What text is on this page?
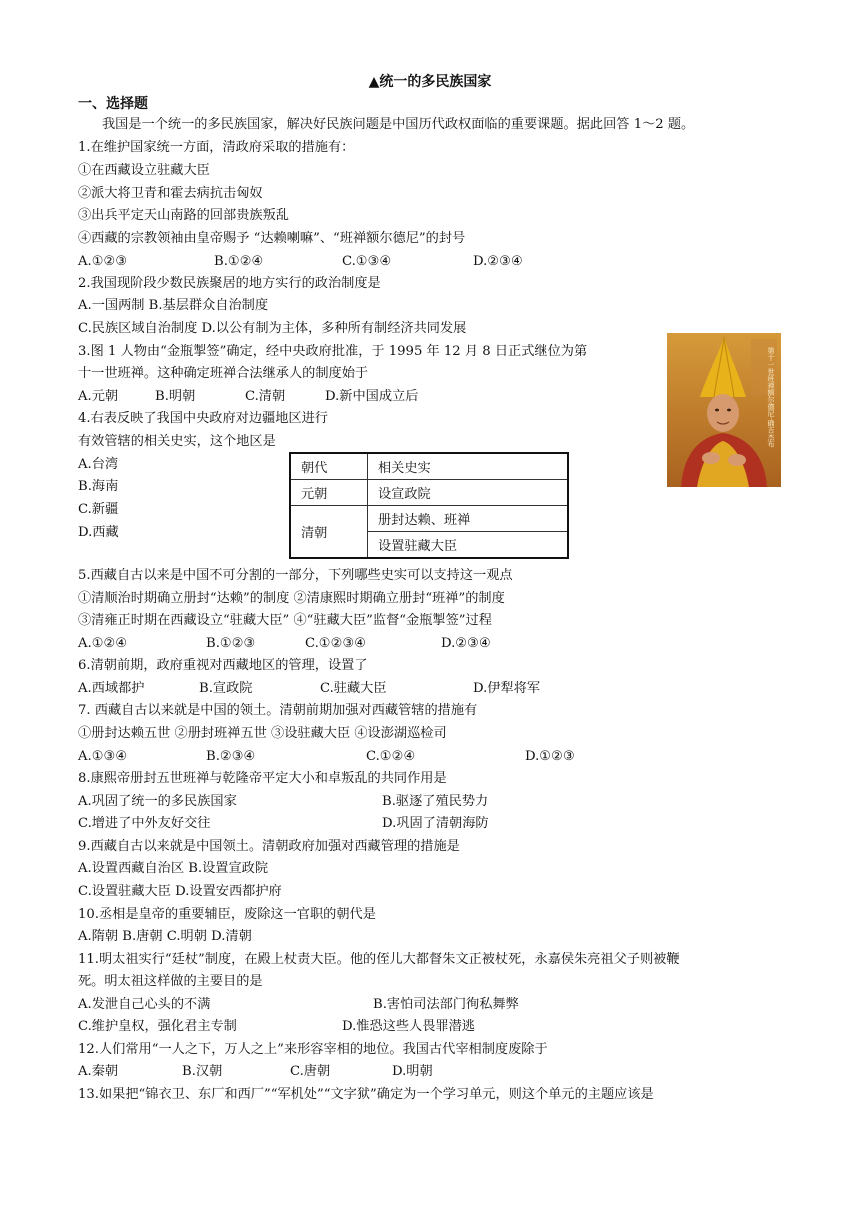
▲统一的多民族国家
一、选择题
我国是一个统一的多民族国家，解决好民族问题是中国历代政权面临的重要课题。据此回答 1～2 题。
1.在维护国家统一方面，清政府采取的措施有：
①在西藏设立驻藏大臣
②派大将卫青和霍去病抗击匈奴
③出兵平定天山南路的回部贵族叛乱
④西藏的宗教领袖由皇帝赐予 “达赖喇嘛”、“班禅额尔德尼”的封号
A.①②③	B.①②④	C.①③④	D.②③④
2.我国现阶段少数民族聚居的地方实行的政治制度是
A.一国两制 B.基层群众自治制度
C.民族区域自治制度 D.以公有制为主体，多种所有制经济共同发展
3.图 1 人物由“金瓶掣签”确定，经中央政府批准，于 1995 年 12 月 8 日正式继位为第
十一世班禅。这种确定班禅合法继承人的制度始于
A.元朝	B.明朝	C.清朝	D.新中国成立后	第十一世班禅额尔德尼·确吉杰布
4.右表反映了我国中央政府对边疆地区进行
有效管辖的相关史实，这个地区是
A.台湾
B.海南
C.新疆
D.西藏
朝代	相关史实
元朝	设宣政院
清朝	册封达赖、班禅
	设置驻藏大臣
5.西藏自古以来是中国不可分割的一部分，下列哪些史实可以支持这一观点
①清顺治时期确立册封“达赖”的制度 ②清康熙时期确立册封“班禅”的制度
③清雍正时期在西藏设立“驻藏大臣” ④“驻藏大臣”监督“金瓶掣签”过程
A.①②④	B.①②③	C.①②③④	D.②③④
6.清朝前期，政府重视对西藏地区的管理，设置了
A.西域都护	B.宣政院	C.驻藏大臣	D.伊犁将军
7. 西藏自古以来就是中国的领土。清朝前期加强对西藏管辖的措施有
①册封达赖五世 ②册封班禅五世 ③设驻藏大臣 ④设澎湖巡检司
A.①③④	B.②③④	C.①②④	D.①②③
8.康熙帝册封五世班禅与乾隆帝平定大小和卓叛乱的共同作用是
A.巩固了统一的多民族国家	B.驱逐了殖民势力
C.增进了中外友好交往	D.巩固了清朝海防
9.西藏自古以来就是中国领土。清朝政府加强对西藏管理的措施是
A.设置西藏自治区 B.设置宣政院
C.设置驻藏大臣 D.设置安西都护府
10.丞相是皇帝的重要辅臣，废除这一官职的朝代是
A.隋朝 B.唐朝 C.明朝 D.清朝
11.明太祖实行“廷杖”制度，在殿上杖责大臣。他的侄儿大都督朱文正被杖死，永嘉侯朱亮祖父子则被鞭
死。明太祖这样做的主要目的是
A.发泄自己心头的不满	B.害怕司法部门徇私舞弊
C.维护皇权，强化君主专制	D.惟恐这些人畏罪潜逃
12.人们常用“一人之下，万人之上”来形容宰相的地位。我国古代宰相制度废除于
A.秦朝	B.汉朝	C.唐朝	D.明朝
13.如果把“锦衣卫、东厂和西厂”“军机处”“文字狱”确定为一个学习单元，则这个单元的主题应该是
